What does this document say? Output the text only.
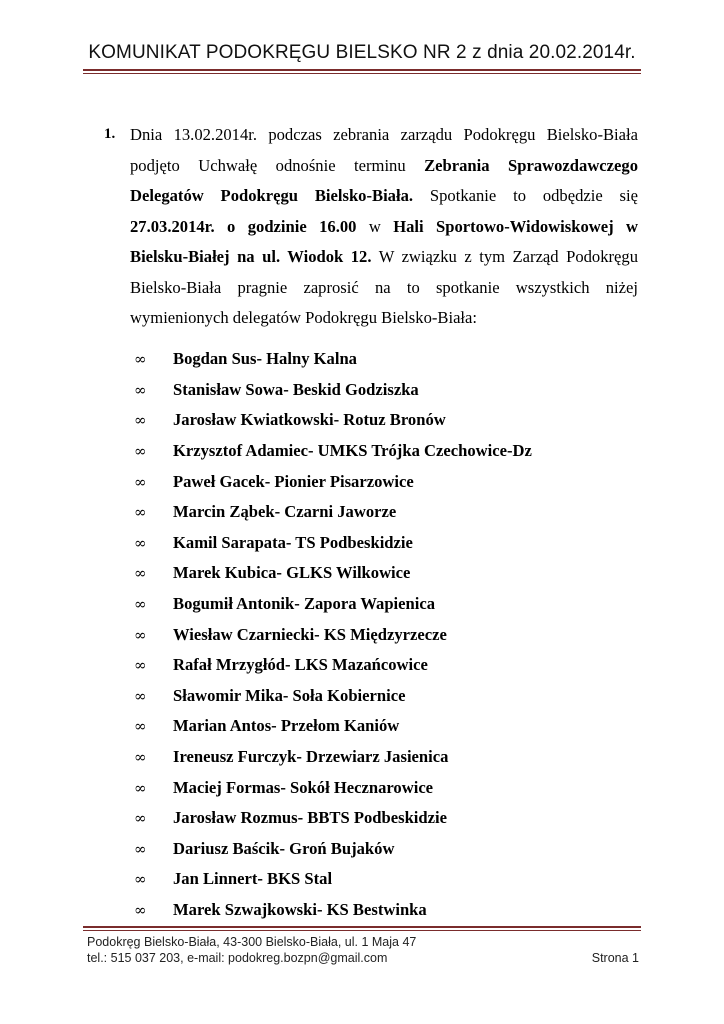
KOMUNIKAT PODOKRĘGU BIELSKO NR 2 z dnia 20.02.2014r.
1. Dnia 13.02.2014r. podczas zebrania zarządu Podokręgu Bielsko-Biała podjęto Uchwałę odnośnie terminu Zebrania Sprawozdawczego Delegatów Podokręgu Bielsko-Biała. Spotkanie to odbędzie się 27.03.2014r. o godzinie 16.00 w Hali Sportowo-Widowiskowej w Bielsku-Białej na ul. Wiodok 12. W związku z tym Zarząd Podokręgu Bielsko-Biała pragnie zaprosić na to spotkanie wszystkich niżej wymienionych delegatów Podokręgu Bielsko-Biała:
∞	Bogdan Sus- Halny Kalna
∞	Stanisław Sowa- Beskid Godziszka
∞	Jarosław Kwiatkowski- Rotuz Bronów
∞	Krzysztof Adamiec- UMKS Trójka Czechowice-Dz
∞	Paweł Gacek- Pionier Pisarzowice
∞	Marcin Ząbek- Czarni Jaworze
∞	Kamil Sarapata- TS Podbeskidzie
∞	Marek Kubica- GLKS Wilkowice
∞	Bogumił Antonik- Zapora Wapienica
∞	Wiesław Czarniecki- KS Międzyrzecze
∞	Rafał Mrzygłód- LKS Mazańcowice
∞	Sławomir Mika- Soła Kobiernice
∞	Marian Antos- Przełom Kaniów
∞	Ireneusz Furczyk- Drzewiarz Jasienica
∞	Maciej Formas- Sokół Hecznarowice
∞	Jarosław Rozmus- BBTS Podbeskidzie
∞	Dariusz Baścik- Groń Bujaków
∞	Jan Linnert- BKS Stal
∞	Marek Szwajkowski- KS Bestwinka
Podokręg Bielsko-Biała, 43-300 Bielsko-Biała, ul. 1 Maja 47
tel.: 515 037 203, e-mail: podokreg.bozpn@gmail.com	Strona 1
